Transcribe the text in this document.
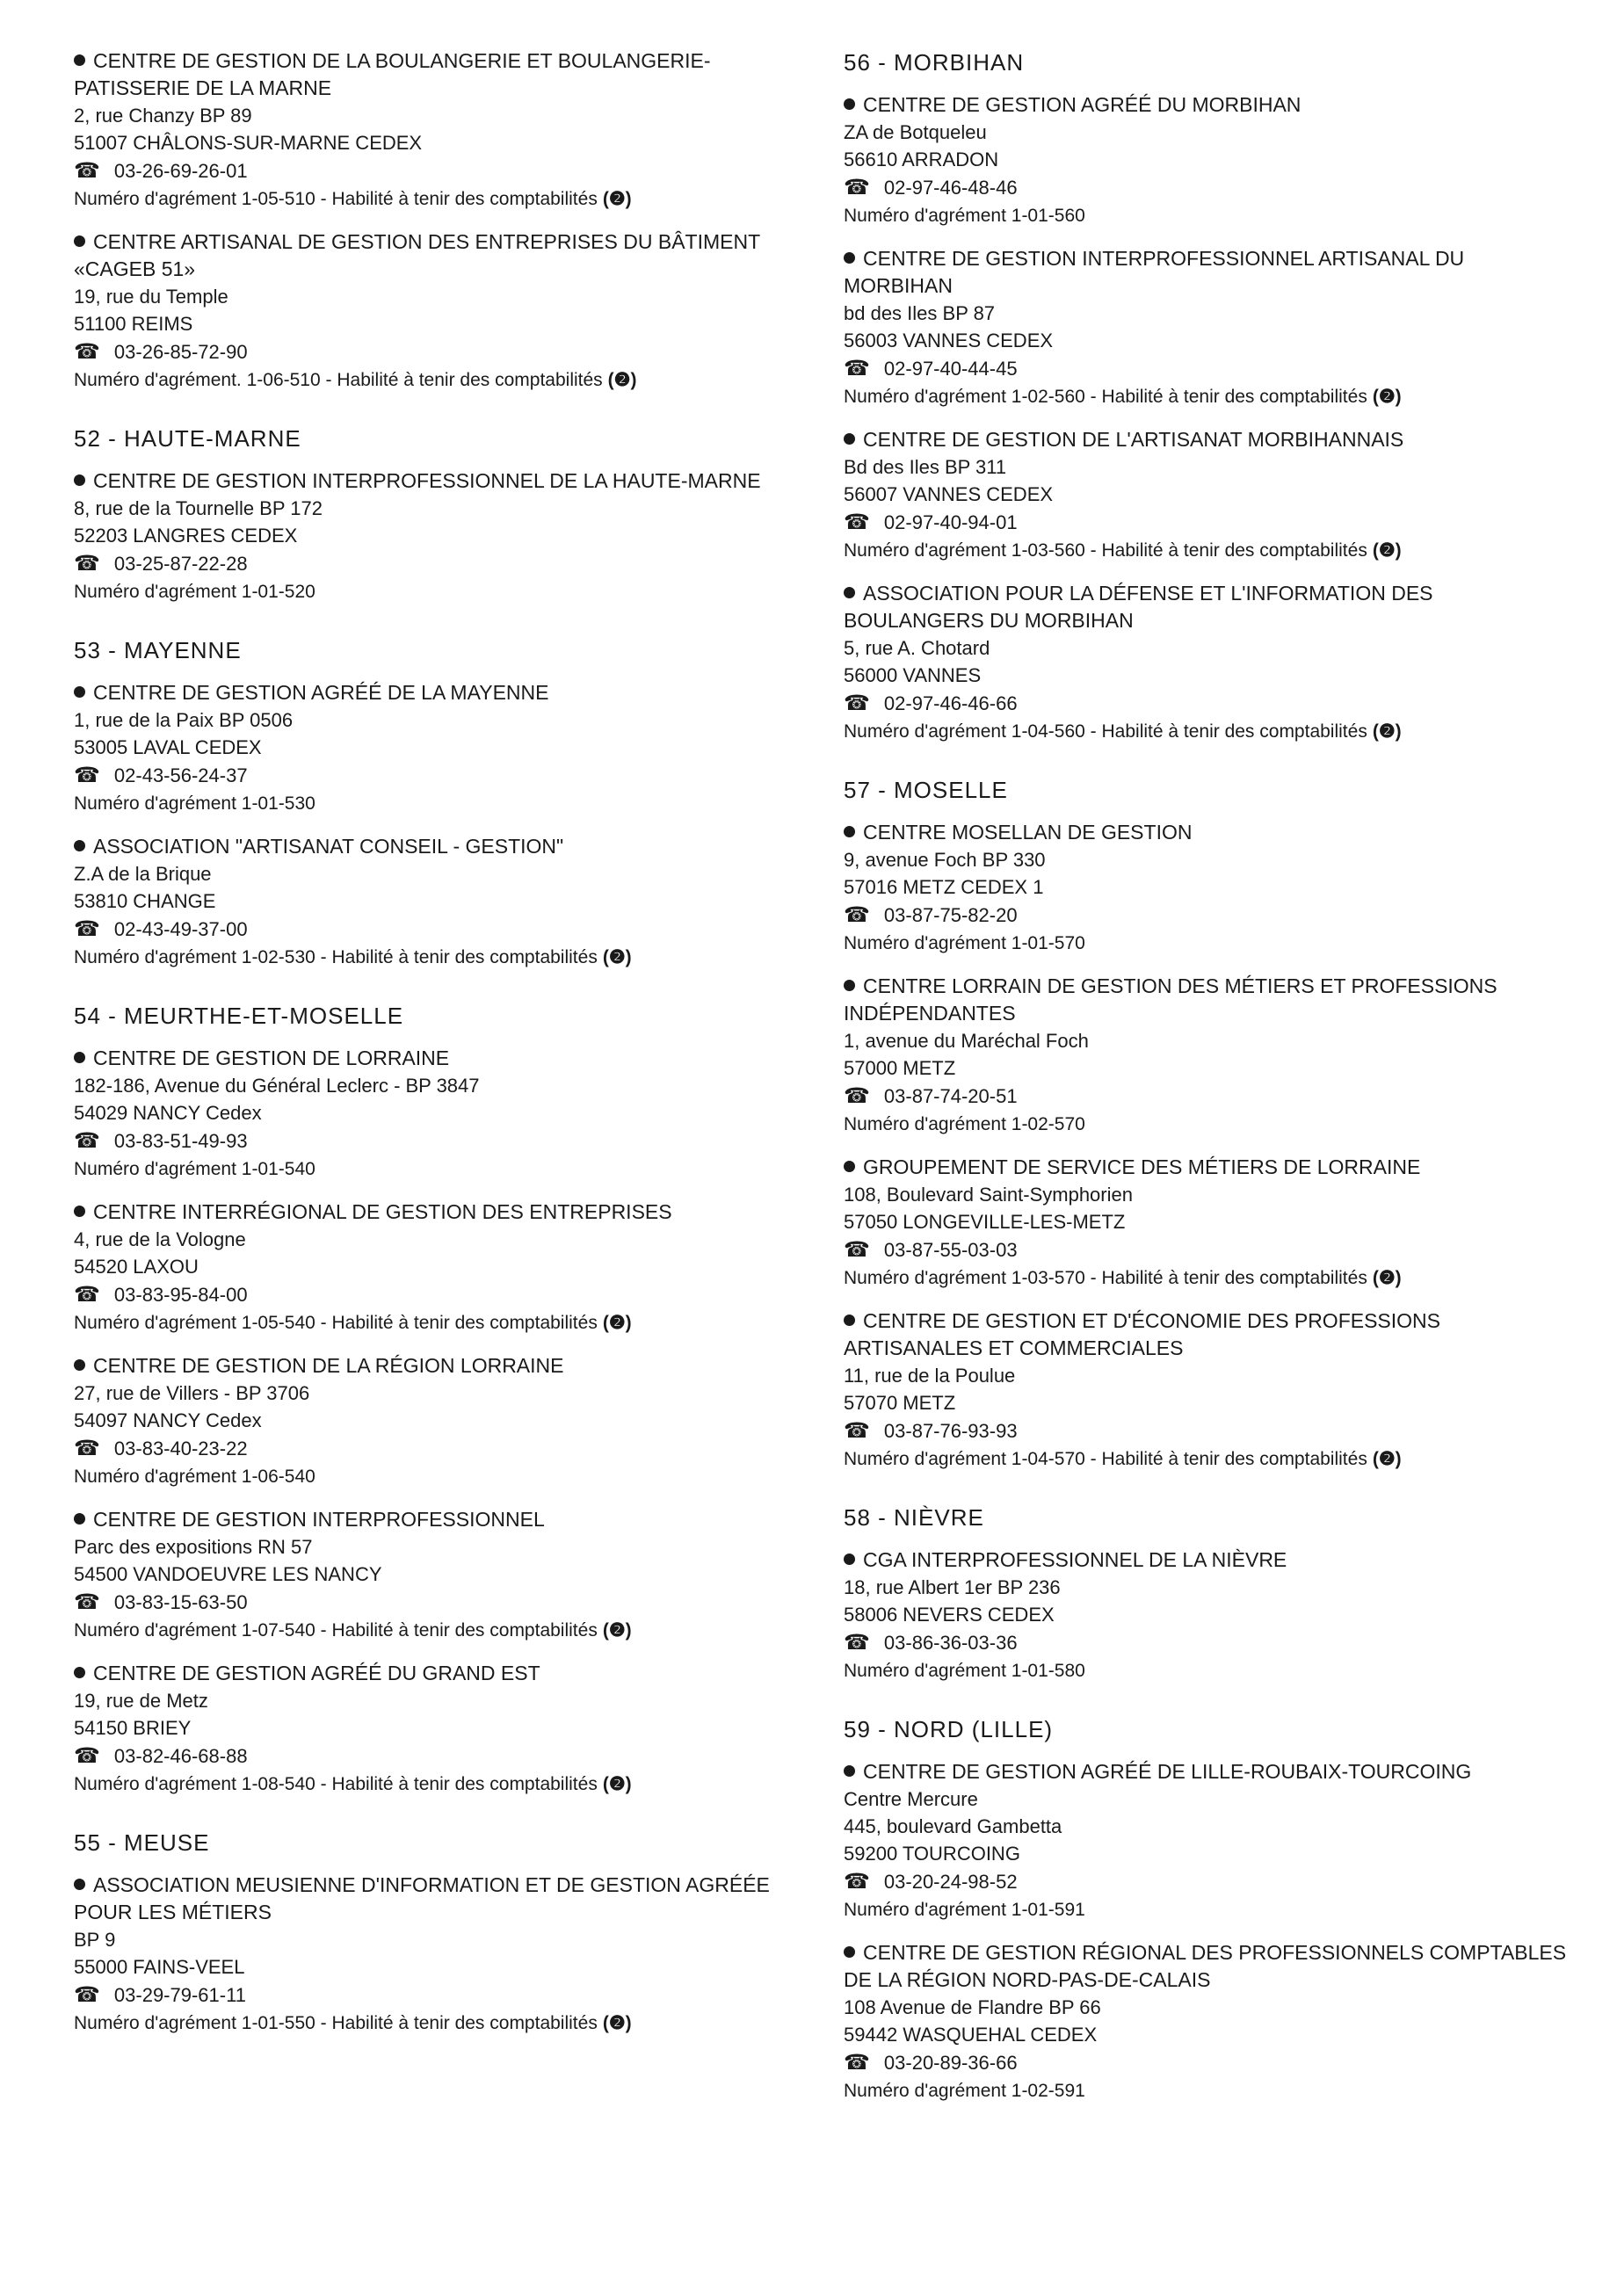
CENTRE DE GESTION DE LA BOULANGERIE ET BOULANGERIE-PATISSERIE DE LA MARNE
2, rue Chanzy BP 89
51007 CHÂLONS-SUR-MARNE CEDEX
☎ 03-26-69-26-01
Numéro d'agrément 1-05-510 - Habilité à tenir des comptabilités (❷)
CENTRE ARTISANAL DE GESTION DES ENTREPRISES DU BÂTIMENT «CAGEB 51»
19, rue du Temple
51100 REIMS
☎ 03-26-85-72-90
Numéro d'agrément. 1-06-510 - Habilité à tenir des comptabilités (❷)
52 - HAUTE-MARNE
CENTRE DE GESTION INTERPROFESSIONNEL DE LA HAUTE-MARNE
8, rue de la Tournelle BP 172
52203 LANGRES CEDEX
☎ 03-25-87-22-28
Numéro d'agrément 1-01-520
53 - MAYENNE
CENTRE DE GESTION AGRÉÉ DE LA MAYENNE
1, rue de la Paix BP 0506
53005 LAVAL CEDEX
☎ 02-43-56-24-37
Numéro d'agrément 1-01-530
ASSOCIATION "ARTISANAT CONSEIL - GESTION"
Z.A de la Brique
53810 CHANGE
☎ 02-43-49-37-00
Numéro d'agrément 1-02-530 - Habilité à tenir des comptabilités (❷)
54 - MEURTHE-ET-MOSELLE
CENTRE DE GESTION DE LORRAINE
182-186, Avenue du Général Leclerc - BP 3847
54029 NANCY Cedex
☎ 03-83-51-49-93
Numéro d'agrément 1-01-540
CENTRE INTERRÉGIONAL DE GESTION DES ENTREPRISES
4, rue de la Vologne
54520 LAXOU
☎ 03-83-95-84-00
Numéro d'agrément 1-05-540 - Habilité à tenir des comptabilités (❷)
CENTRE DE GESTION DE LA RÉGION LORRAINE
27, rue de Villers - BP 3706
54097 NANCY Cedex
☎ 03-83-40-23-22
Numéro d'agrément 1-06-540
CENTRE DE GESTION INTERPROFESSIONNEL
Parc des expositions RN 57
54500 VANDOEUVRE LES NANCY
☎ 03-83-15-63-50
Numéro d'agrément 1-07-540 - Habilité à tenir des comptabilités (❷)
CENTRE DE GESTION AGRÉÉ DU GRAND EST
19, rue de Metz
54150 BRIEY
☎ 03-82-46-68-88
Numéro d'agrément 1-08-540 - Habilité à tenir des comptabilités (❷)
55 - MEUSE
ASSOCIATION MEUSIENNE D'INFORMATION ET DE GESTION AGRÉÉE POUR LES MÉTIERS
BP 9
55000 FAINS-VEEL
☎ 03-29-79-61-11
Numéro d'agrément 1-01-550 - Habilité à tenir des comptabilités (❷)
56 - MORBIHAN
CENTRE DE GESTION AGRÉÉ DU MORBIHAN
ZA de Botqueleu
56610 ARRADON
☎ 02-97-46-48-46
Numéro d'agrément 1-01-560
CENTRE DE GESTION INTERPROFESSIONNEL ARTISANAL DU MORBIHAN
bd des Iles BP 87
56003 VANNES CEDEX
☎ 02-97-40-44-45
Numéro d'agrément 1-02-560 - Habilité à tenir des comptabilités (❷)
CENTRE DE GESTION DE L'ARTISANAT MORBIHANNAIS
Bd des Iles BP 311
56007 VANNES CEDEX
☎ 02-97-40-94-01
Numéro d'agrément 1-03-560 - Habilité à tenir des comptabilités (❷)
ASSOCIATION POUR LA DÉFENSE ET L'INFORMATION DES BOULANGERS DU MORBIHAN
5, rue A. Chotard
56000 VANNES
☎ 02-97-46-46-66
Numéro d'agrément 1-04-560 - Habilité à tenir des comptabilités (❷)
57 - MOSELLE
CENTRE MOSELLAN DE GESTION
9, avenue Foch BP 330
57016 METZ CEDEX 1
☎ 03-87-75-82-20
Numéro d'agrément 1-01-570
CENTRE LORRAIN DE GESTION DES MÉTIERS ET PROFESSIONS INDÉPENDANTES
1, avenue du Maréchal Foch
57000 METZ
☎ 03-87-74-20-51
Numéro d'agrément 1-02-570
GROUPEMENT DE SERVICE DES MÉTIERS DE LORRAINE
108, Boulevard Saint-Symphorien
57050 LONGEVILLE-LES-METZ
☎ 03-87-55-03-03
Numéro d'agrément 1-03-570 - Habilité à tenir des comptabilités (❷)
CENTRE DE GESTION ET D'ÉCONOMIE DES PROFESSIONS ARTISANALES ET COMMERCIALES
11, rue de la Poulue
57070 METZ
☎ 03-87-76-93-93
Numéro d'agrément 1-04-570 - Habilité à tenir des comptabilités (❷)
58 - NIÈVRE
CGA INTERPROFESSIONNEL DE LA NIÈVRE
18, rue Albert 1er BP 236
58006 NEVERS CEDEX
☎ 03-86-36-03-36
Numéro d'agrément 1-01-580
59 - NORD (LILLE)
CENTRE DE GESTION AGRÉÉ DE LILLE-ROUBAIX-TOURCOING
Centre Mercure
445, boulevard Gambetta
59200 TOURCOING
☎ 03-20-24-98-52
Numéro d'agrément 1-01-591
CENTRE DE GESTION RÉGIONAL DES PROFESSIONNELS COMPTABLES DE LA RÉGION NORD-PAS-DE-CALAIS
108 Avenue de Flandre BP 66
59442 WASQUEHAL CEDEX
☎ 03-20-89-36-66
Numéro d'agrément 1-02-591
